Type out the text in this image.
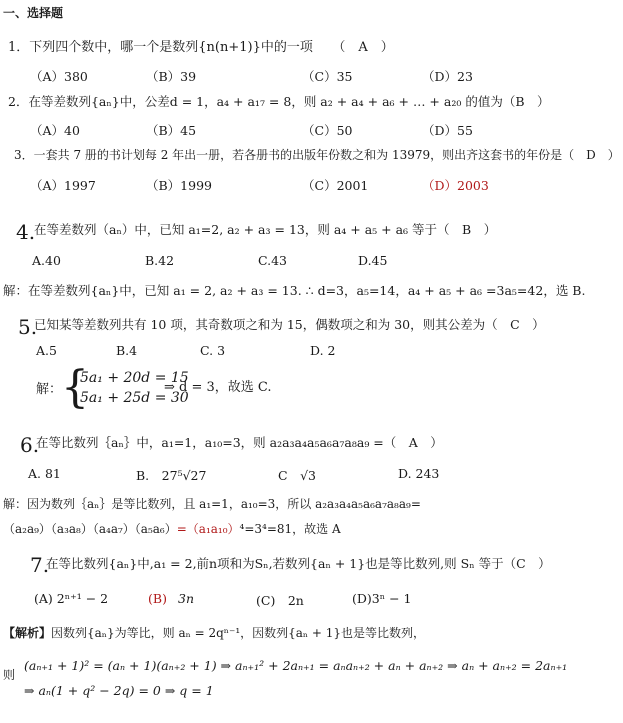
一、选择题
1．下列四个数中，哪一个是数列{n(n+1)}中的一项　　（　A　）
（A）380	（B）39	（C）35	（D）23
2．在等差数列{aₙ}中，公差d = 1，a₄ + a₁₇ = 8，则 a₂ + a₄ + a₆ + … + a₂₀ 的值为（B　）
（A）40	（B）45	（C）50	（D）55
3．一套共 7 册的书计划每 2 年出一册，若各册书的出版年份数之和为 13979，则出齐这套书的年份是（　D　）
（A）1997	（B）1999	（C）2001	（D）2003
4.
在等差数列（aₙ）中，已知 a₁=2, a₂ + a₃ = 13，则 a₄ + a₅ + a₆ 等于（　B　）
A.40	B.42	C.43	D.45
解：在等差数列{aₙ}中，已知 a₁ = 2, a₂ + a₃ = 13. ∴ d=3，a₅=14，a₄ + a₅ + a₆ =3a₅=42，选 B.
5.
已知某等差数列共有 10 项，其奇数项之和为 15，偶数项之和为 30，则其公差为（　C　）
A.5	B.4	C. 3	D. 2
解：
{
5a₁ + 20d = 15
5a₁ + 25d = 30
⇒ d = 3，故选 C.
6.
在等比数列｛aₙ｝中，a₁=1，a₁₀=3，则 a₂a₃a₄a₅a₆a₇a₈a₉ =（　A　）
A. 81	B.　27⁵√27	C　√3	D. 243
解：因为数列｛aₙ｝是等比数列，且 a₁=1，a₁₀=3，所以 a₂a₃a₄a₅a₆a₇a₈a₉=
（a₂a₉）（a₃a₈）（a₄a₇）（a₅a₆）=（a₁a₁₀）⁴=3⁴=81，故选 A
7.
在等比数列{aₙ}中,a₁ = 2,前n项和为Sₙ,若数列{aₙ + 1}也是等比数列,则 Sₙ 等于（C　）
(A) 2ⁿ⁺¹ − 2	(B) 3n	(C)　2n	(D)3ⁿ − 1
【解析】因数列{aₙ}为等比，则 aₙ = 2qⁿ⁻¹，因数列{aₙ + 1}也是等比数列，
则
(aₙ₊₁ + 1)² = (aₙ + 1)(aₙ₊₂ + 1) ⇒ aₙ₊₁² + 2aₙ₊₁ = aₙaₙ₊₂ + aₙ + aₙ₊₂ ⇒ aₙ + aₙ₊₂ = 2aₙ₊₁
⇒ aₙ(1 + q² − 2q) = 0 ⇒ q = 1
